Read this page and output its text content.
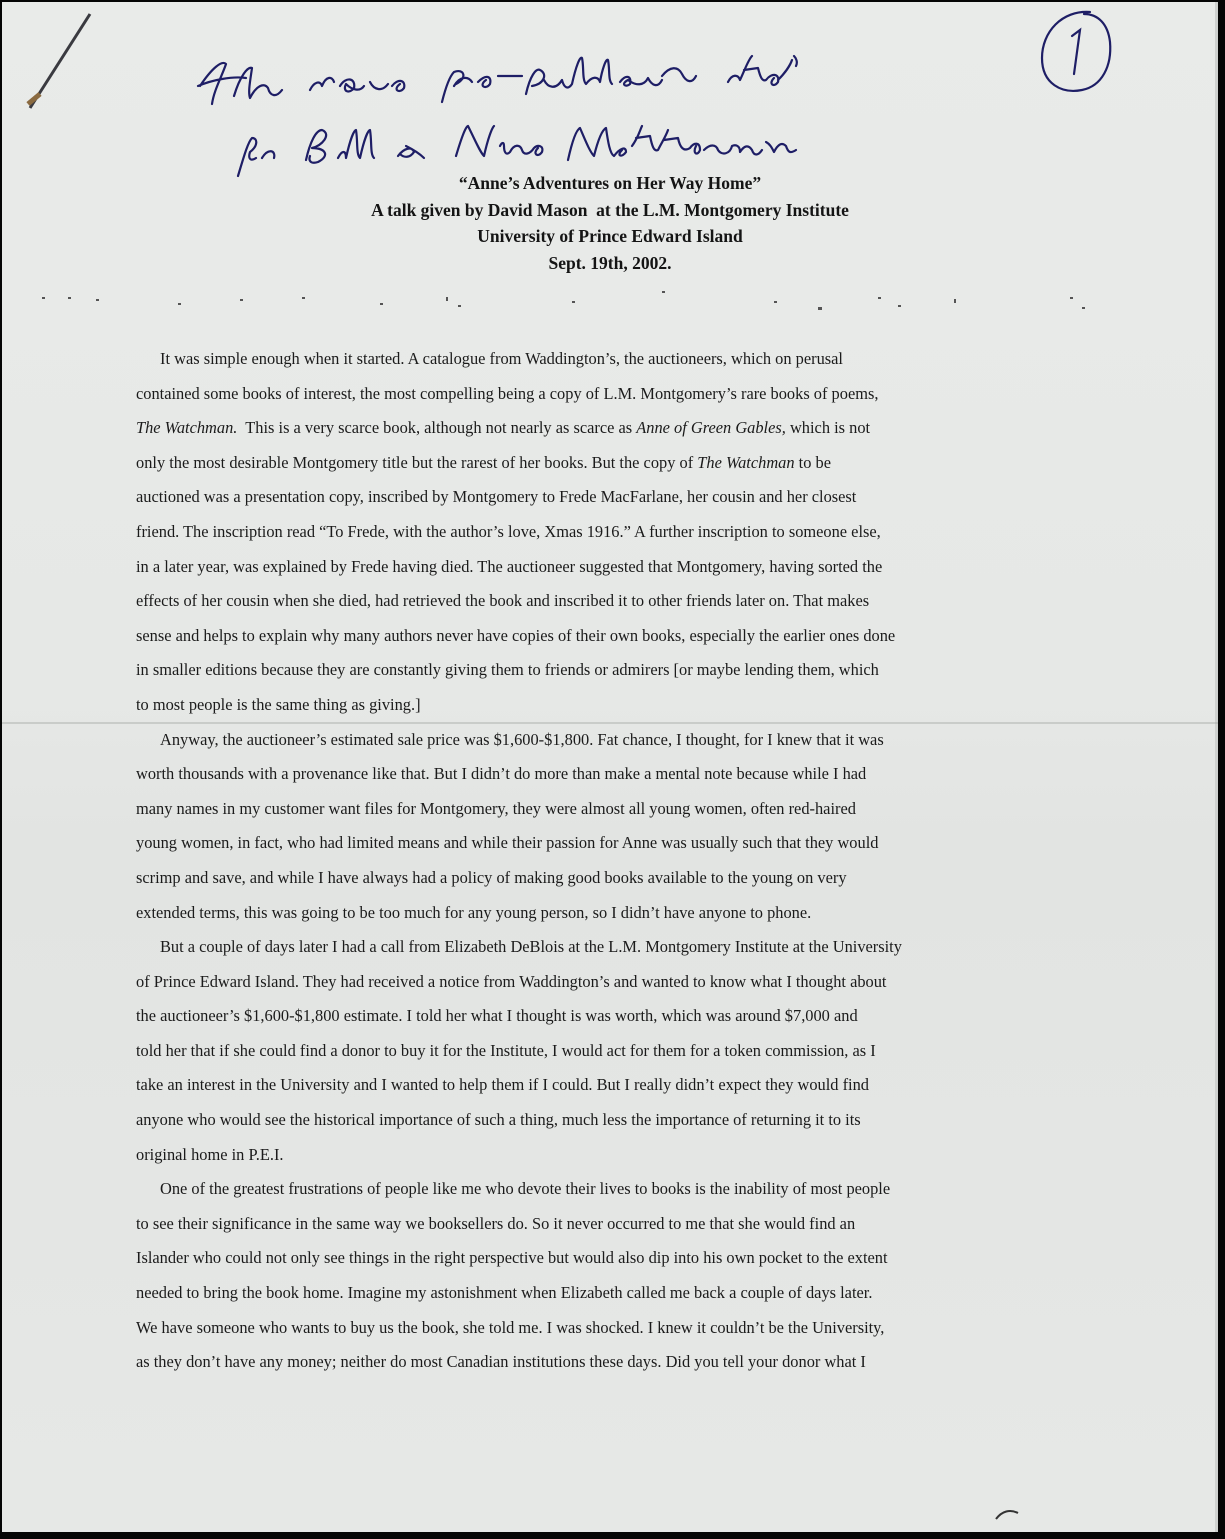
“Anne’s Adventures on Her Way Home”
A talk given by David Mason  at the L.M. Montgomery Institute
University of Prince Edward Island
Sept. 19th, 2002.

It was simple enough when it started. A catalogue from Waddington’s, the auctioneers, which on perusal
contained some books of interest, the most compelling being a copy of L.M. Montgomery’s rare books of poems,
The Watchman.  This is a very scarce book, although not nearly as scarce as Anne of Green Gables, which is not
only the most desirable Montgomery title but the rarest of her books. But the copy of The Watchman to be
auctioned was a presentation copy, inscribed by Montgomery to Frede MacFarlane, her cousin and her closest
friend. The inscription read “To Frede, with the author’s love, Xmas 1916.” A further inscription to someone else,
in a later year, was explained by Frede having died. The auctioneer suggested that Montgomery, having sorted the
effects of her cousin when she died, had retrieved the book and inscribed it to other friends later on. That makes
sense and helps to explain why many authors never have copies of their own books, especially the earlier ones done
in smaller editions because they are constantly giving them to friends or admirers [or maybe lending them, which
to most people is the same thing as giving.]

Anyway, the auctioneer’s estimated sale price was $1,600-$1,800. Fat chance, I thought, for I knew that it was
worth thousands with a provenance like that. But I didn’t do more than make a mental note because while I had
many names in my customer want files for Montgomery, they were almost all young women, often red-haired
young women, in fact, who had limited means and while their passion for Anne was usually such that they would
scrimp and save, and while I have always had a policy of making good books available to the young on very
extended terms, this was going to be too much for any young person, so I didn’t have anyone to phone.

But a couple of days later I had a call from Elizabeth DeBlois at the L.M. Montgomery Institute at the University
of Prince Edward Island. They had received a notice from Waddington’s and wanted to know what I thought about
the auctioneer’s $1,600-$1,800 estimate. I told her what I thought is was worth, which was around $7,000 and
told her that if she could find a donor to buy it for the Institute, I would act for them for a token commission, as I
take an interest in the University and I wanted to help them if I could. But I really didn’t expect they would find
anyone who would see the historical importance of such a thing, much less the importance of returning it to its
original home in P.E.I.

One of the greatest frustrations of people like me who devote their lives to books is the inability of most people
to see their significance in the same way we booksellers do. So it never occurred to me that she would find an
Islander who could not only see things in the right perspective but would also dip into his own pocket to the extent
needed to bring the book home. Imagine my astonishment when Elizabeth called me back a couple of days later.
We have someone who wants to buy us the book, she told me. I was shocked. I knew it couldn’t be the University,
as they don’t have any money; neither do most Canadian institutions these days. Did you tell your donor what I
